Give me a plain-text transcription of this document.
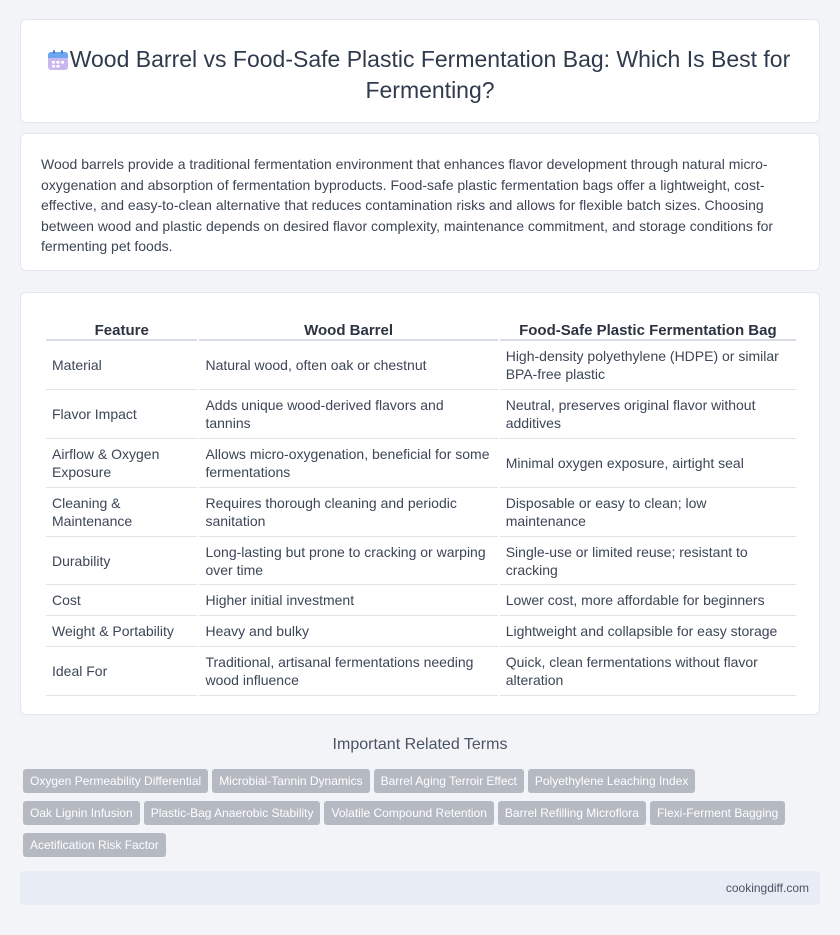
Wood Barrel vs Food-Safe Plastic Fermentation Bag: Which Is Best for Fermenting?

Wood barrels provide a traditional fermentation environment that enhances flavor development through natural micro-oxygenation and absorption of fermentation byproducts. Food-safe plastic fermentation bags offer a lightweight, cost-effective, and easy-to-clean alternative that reduces contamination risks and allows for flexible batch sizes. Choosing between wood and plastic depends on desired flavor complexity, maintenance commitment, and storage conditions for fermenting pet foods.

Feature	Wood Barrel	Food-Safe Plastic Fermentation Bag
Material	Natural wood, often oak or chestnut	High-density polyethylene (HDPE) or similar BPA-free plastic
Flavor Impact	Adds unique wood-derived flavors and tannins	Neutral, preserves original flavor without additives
Airflow & Oxygen Exposure	Allows micro-oxygenation, beneficial for some fermentations	Minimal oxygen exposure, airtight seal
Cleaning & Maintenance	Requires thorough cleaning and periodic sanitation	Disposable or easy to clean; low maintenance
Durability	Long-lasting but prone to cracking or warping over time	Single-use or limited reuse; resistant to cracking
Cost	Higher initial investment	Lower cost, more affordable for beginners
Weight & Portability	Heavy and bulky	Lightweight and collapsible for easy storage
Ideal For	Traditional, artisanal fermentations needing wood influence	Quick, clean fermentations without flavor alteration
Important Related Terms
Oxygen Permeability Differential Microbial-Tannin Dynamics Barrel Aging Terroir Effect Polyethylene Leaching Index
Oak Lignin Infusion Plastic-Bag Anaerobic Stability Volatile Compound Retention Barrel Refilling Microflora Flexi-Ferment Bagging
Acetification Risk Factor
cookingdiff.com
